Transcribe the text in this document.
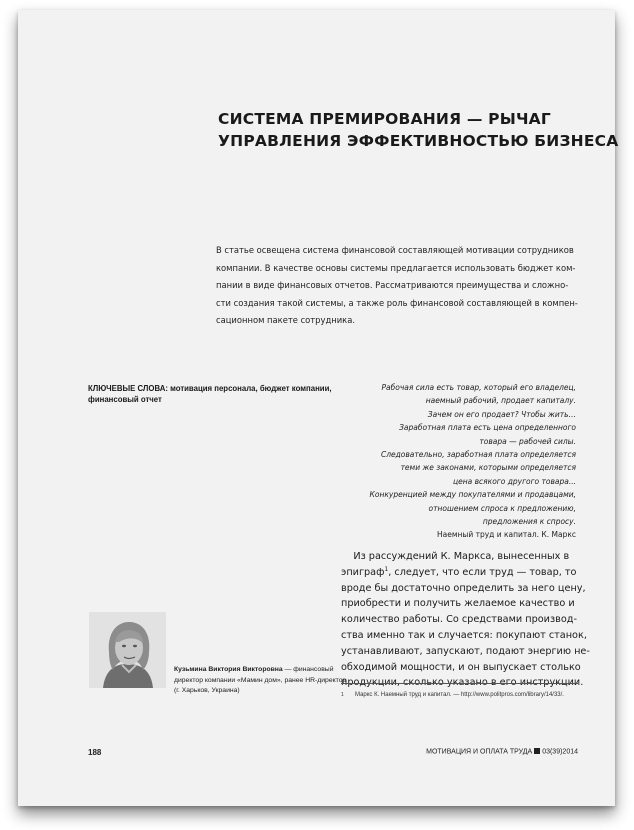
СИСТЕМА ПРЕМИРОВАНИЯ — РЫЧАГ
УПРАВЛЕНИЯ ЭФФЕКТИВНОСТЬЮ БИЗНЕСА
В статье освещена система финансовой составляющей мотивации сотрудников
компании. В качестве основы системы предлагается использовать бюджет ком-
пании в виде финансовых отчетов. Рассматриваются преимущества и сложно-
сти создания такой системы, а также роль финансовой составляющей в компен-
сационном пакете сотрудника.
КЛЮЧЕВЫЕ СЛОВА: мотивация персонала, бюджет компании,
финансовый отчет
Рабочая сила есть товар, который его владелец,
наемный рабочий, продает капиталу.
Зачем он его продает? Чтобы жить…
Заработная плата есть цена определенного
товара — рабочей силы.
Следовательно, заработная плата определяется
теми же законами, которыми определяется
цена всякого другого товара...
Конкуренцией между покупателями и продавцами,
отношением спроса к предложению,
предложения к спросу.
Наемный труд и капитал. К. Маркс
Из рассуждений К. Маркса, вынесенных в
эпиграф$^1$, следует, что если труд — товар, то
вроде бы достаточно определить за него цену,
приобрести и получить желаемое качество и
количество работы. Со средствами производ-
ства именно так и случается: покупают станок,
устанавливают, запускают, подают энергию не-
обходимой мощности, и он выпускает столько
продукции, сколько указано в его инструкции.
1 Маркс К. Наемный труд и капитал. — http://www.politpros.com/library/14/33/.
Кузьмина Виктория Викторовна — финансовый
директор компании «Мамин дом», ранее HR-директор
(г. Харьков, Украина)
188	МОТИВАЦИЯ И ОПЛАТА ТРУДА 03(39)2014
